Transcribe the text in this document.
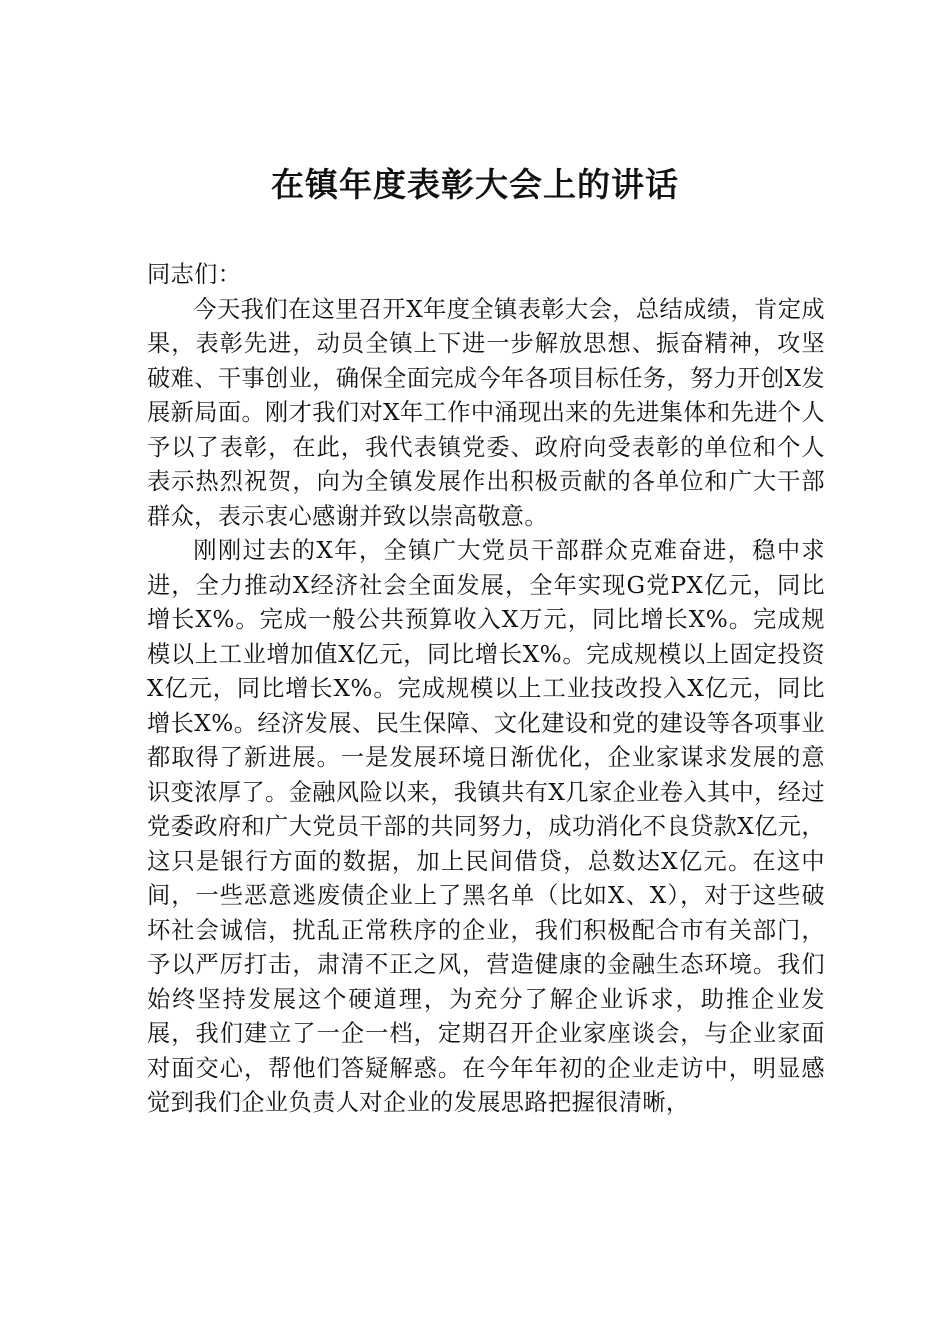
在镇年度表彰大会上的讲话

同志们：

今天我们在这里召开X年度全镇表彰大会，总结成绩，肯定成果，表彰先进，动员全镇上下进一步解放思想、振奋精神，攻坚破难、干事创业，确保全面完成今年各项目标任务，努力开创X发展新局面。刚才我们对X年工作中涌现出来的先进集体和先进个人予以了表彰，在此，我代表镇党委、政府向受表彰的单位和个人表示热烈祝贺，向为全镇发展作出积极贡献的各单位和广大干部群众，表示衷心感谢并致以崇高敬意。

刚刚过去的X年，全镇广大党员干部群众克难奋进，稳中求进，全力推动X经济社会全面发展，全年实现G党PX亿元，同比增长X%。完成一般公共预算收入X万元，同比增长X%。完成规模以上工业增加值X亿元，同比增长X%。完成规模以上固定投资X亿元，同比增长X%。完成规模以上工业技改投入X亿元，同比增长X%。经济发展、民生保障、文化建设和党的建设等各项事业都取得了新进展。一是发展环境日渐优化，企业家谋求发展的意识变浓厚了。金融风险以来，我镇共有X几家企业卷入其中，经过党委政府和广大党员干部的共同努力，成功消化不良贷款X亿元，这只是银行方面的数据，加上民间借贷，总数达X亿元。在这中间，一些恶意逃废债企业上了黑名单（比如X、X），对于这些破坏社会诚信，扰乱正常秩序的企业，我们积极配合市有关部门，予以严厉打击，肃清不正之风，营造健康的金融生态环境。我们始终坚持发展这个硬道理，为充分了解企业诉求，助推企业发展，我们建立了一企一档，定期召开企业家座谈会，与企业家面对面交心，帮他们答疑解惑。在今年年初的企业走访中，明显感觉到我们企业负责人对企业的发展思路把握很清晰，
